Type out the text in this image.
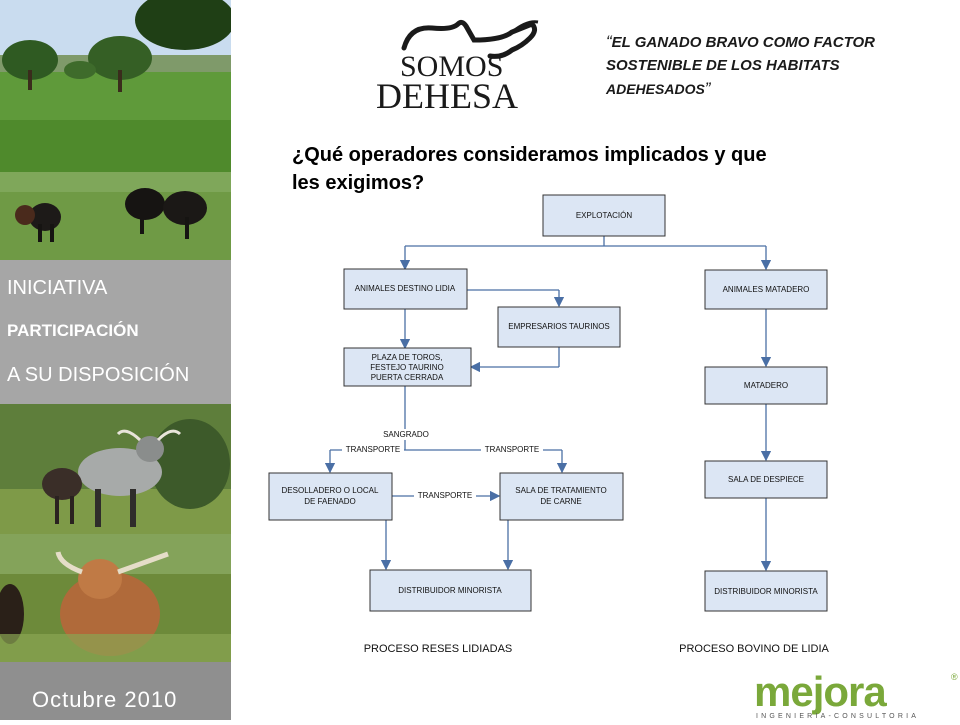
INICIATIVA
PARTICIPACIÓN
A SU DISPOSICIÓN
Octubre 2010
SOMOS
DEHESA
“EL GANADO BRAVO COMO FACTOR
SOSTENIBLE DE LOS HABITATS
ADEHESADOS”
¿Qué operadores consideramos implicados y que
les exigimos?
EXPLOTACIÓN
ANIMALES DESTINO LIDIA	ANIMALES MATADERO
EMPRESARIOS TAURINOS
PLAZA DE TOROS,
FESTEJO TAURINO
PUERTA CERRADA
MATADERO
DESOLLADERO O LOCAL
DE FAENADO
SALA DE TRATAMIENTO
DE CARNE
SALA DE DESPIECE
DISTRIBUIDOR MINORISTA	DISTRIBUIDOR MINORISTA
SANGRADO
TRANSPORTE	TRANSPORTE
TRANSPORTE
PROCESO RESES LIDIADAS	PROCESO BOVINO DE LIDIA
mejora	®
INGENIERIA-CONSULTORIA
